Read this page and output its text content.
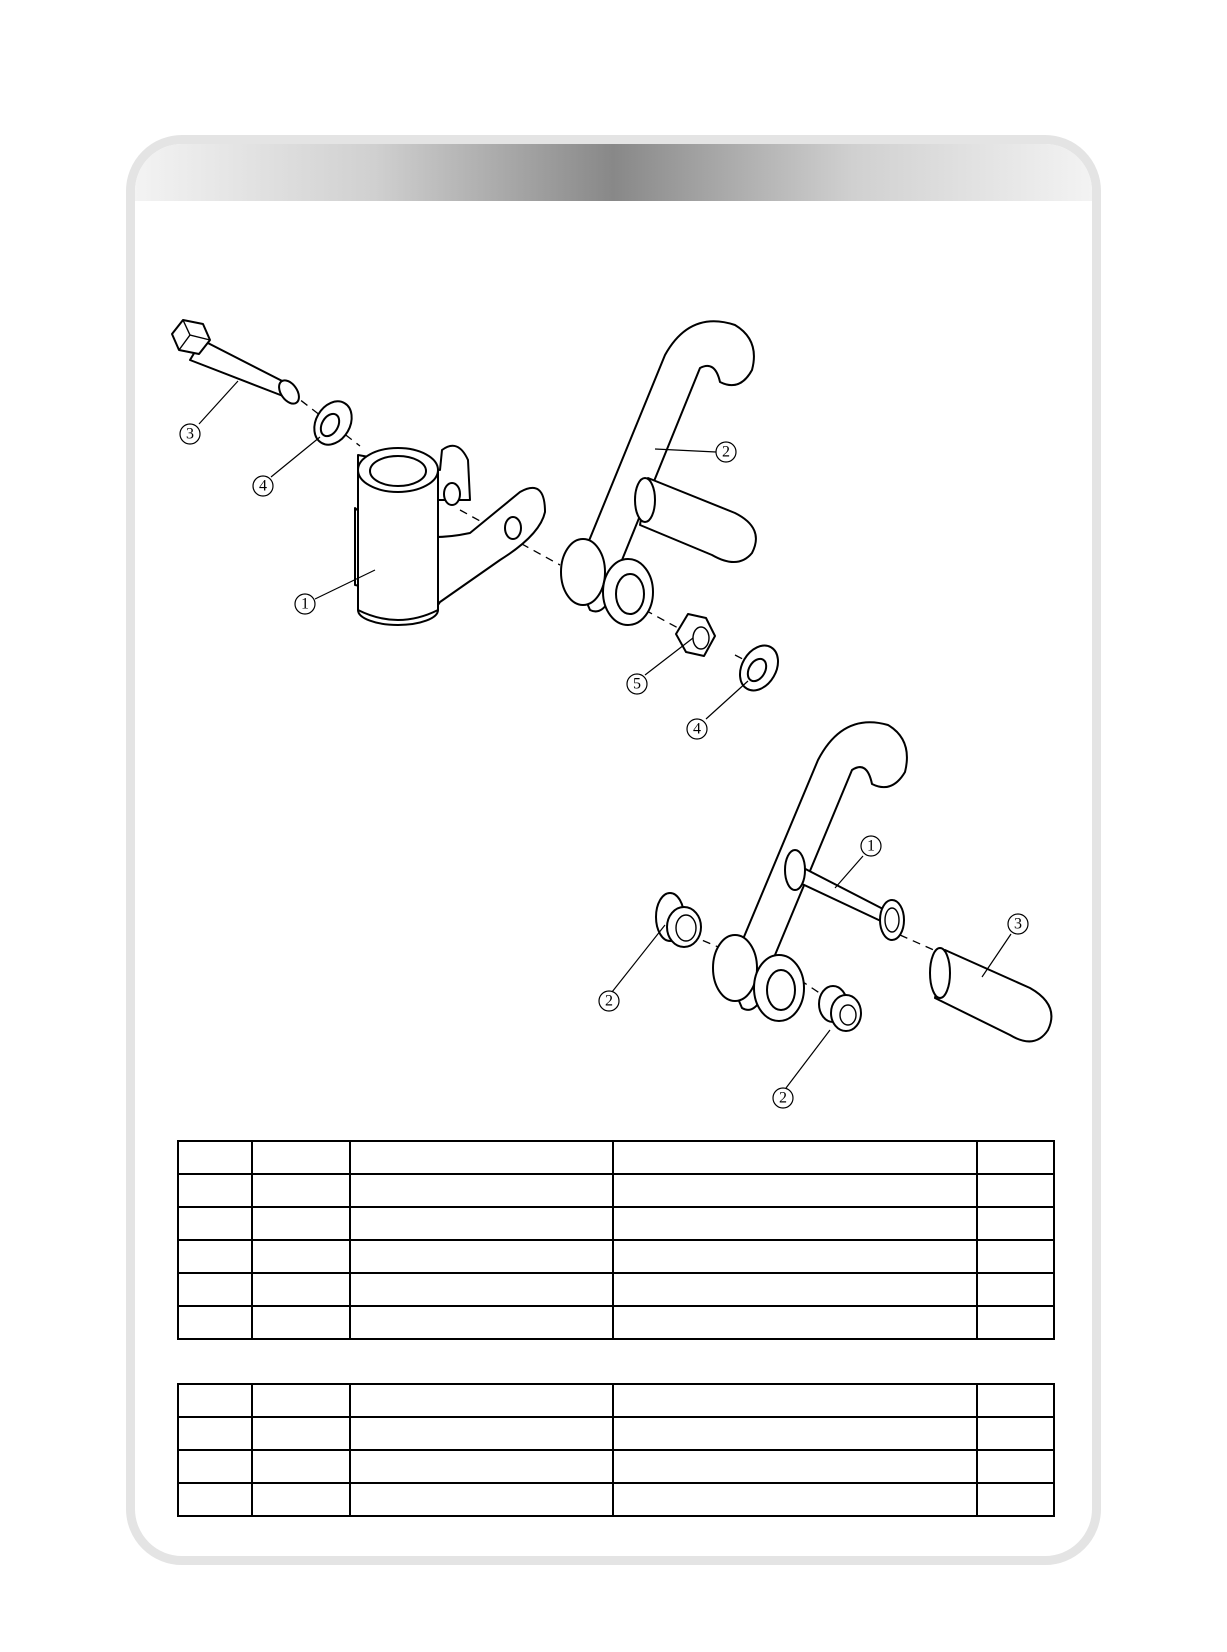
3
4
1
2
5
4
1
3
2
2
